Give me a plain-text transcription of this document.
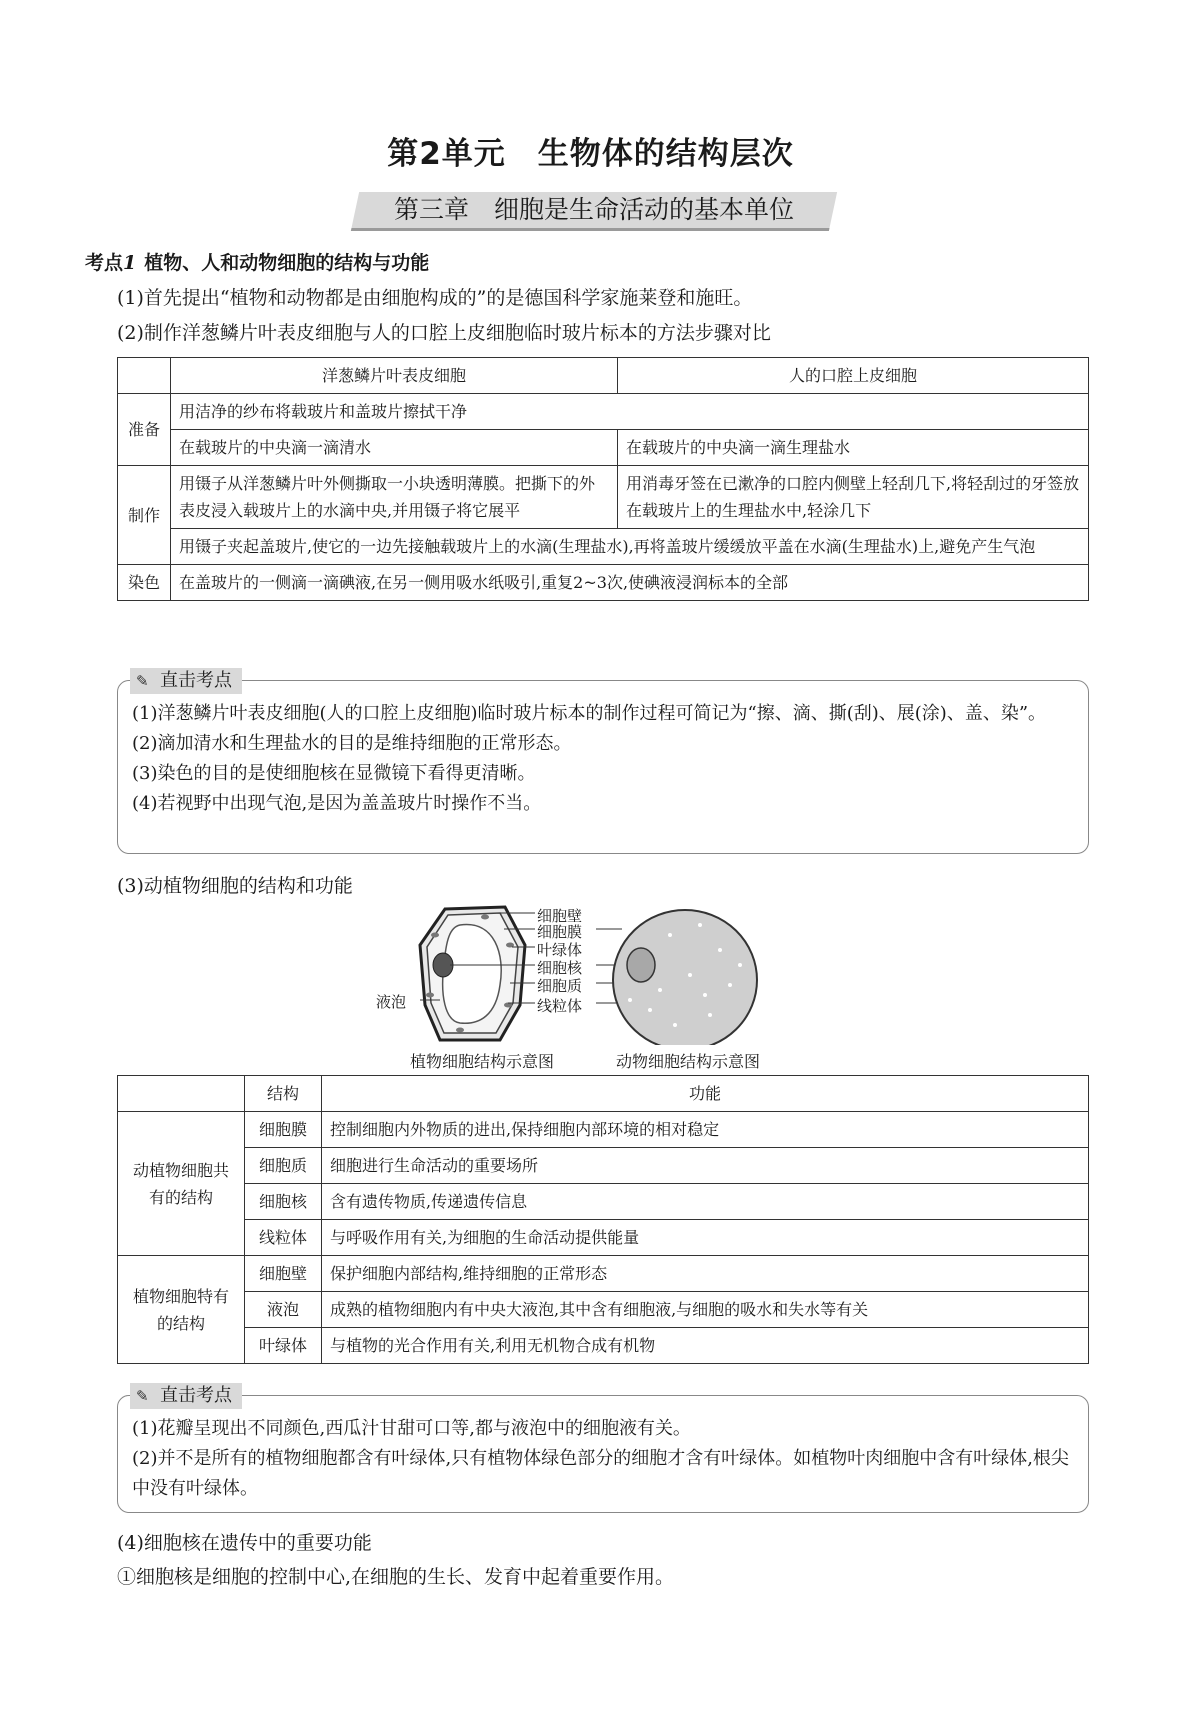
第2单元　生物体的结构层次
第三章　细胞是生命活动的基本单位
考点1 植物、人和动物细胞的结构与功能
(1)首先提出“植物和动物都是由细胞构成的”的是德国科学家施莱登和施旺。
(2)制作洋葱鳞片叶表皮细胞与人的口腔上皮细胞临时玻片标本的方法步骤对比
	洋葱鳞片叶表皮细胞	人的口腔上皮细胞
准备	用洁净的纱布将载玻片和盖玻片擦拭干净	
	在载玻片的中央滴一滴清水	在载玻片的中央滴一滴生理盐水
制作	用镊子从洋葱鳞片叶外侧撕取一小块透明薄膜。把撕下的外表皮浸入载玻片上的水滴中央,并用镊子将它展平	用消毒牙签在已漱净的口腔内侧壁上轻刮几下,将轻刮过的牙签放在载玻片上的生理盐水中,轻涂几下
	用镊子夹起盖玻片,使它的一边先接触载玻片上的水滴(生理盐水),再将盖玻片缓缓放平盖在水滴(生理盐水)上,避免产生气泡	
染色	在盖玻片的一侧滴一滴碘液,在另一侧用吸水纸吸引,重复2~3次,使碘液浸润标本的全部	
(1)洋葱鳞片叶表皮细胞(人的口腔上皮细胞)临时玻片标本的制作过程可简记为“擦、滴、撕(刮)、展(涂)、盖、染”。
(2)滴加清水和生理盐水的目的是维持细胞的正常形态。
(3)染色的目的是使细胞核在显微镜下看得更清晰。
(4)若视野中出现气泡,是因为盖盖玻片时操作不当。
✎ 直击考点
(3)动植物细胞的结构和功能
细胞壁
细胞膜
叶绿体
细胞核
细胞质
线粒体
液泡
植物细胞结构示意图	动物细胞结构示意图
	结构	功能
动植物细胞共有的结构	细胞膜	控制细胞内外物质的进出,保持细胞内部环境的相对稳定
	细胞质	细胞进行生命活动的重要场所
	细胞核	含有遗传物质,传递遗传信息
	线粒体	与呼吸作用有关,为细胞的生命活动提供能量
植物细胞特有的结构	细胞壁	保护细胞内部结构,维持细胞的正常形态
	液泡	成熟的植物细胞内有中央大液泡,其中含有细胞液,与细胞的吸水和失水等有关
	叶绿体	与植物的光合作用有关,利用无机物合成有机物
(1)花瓣呈现出不同颜色,西瓜汁甘甜可口等,都与液泡中的细胞液有关。
(2)并不是所有的植物细胞都含有叶绿体,只有植物体绿色部分的细胞才含有叶绿体。如植物叶肉细胞中含有叶绿体,根尖中没有叶绿体。
✎ 直击考点
(4)细胞核在遗传中的重要功能
①细胞核是细胞的控制中心,在细胞的生长、发育中起着重要作用。
